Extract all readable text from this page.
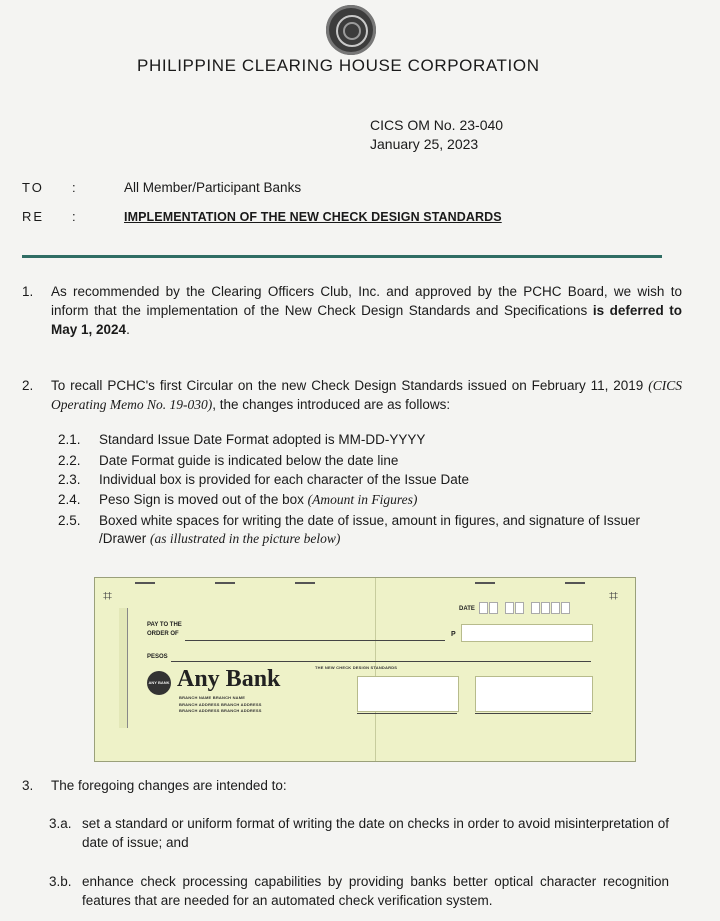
PHILIPPINE CLEARING HOUSE CORPORATION
CICS OM No. 23-040
January 25, 2023
TO :	All Member/Participant Banks
RE :	IMPLEMENTATION OF THE NEW CHECK DESIGN STANDARDS
1. As recommended by the Clearing Officers Club, Inc. and approved by the PCHC Board, we wish to inform that the implementation of the New Check Design Standards and Specifications is deferred to May 1, 2024.
2. To recall PCHC's first Circular on the new Check Design Standards issued on February 11, 2019 (CICS Operating Memo No. 19-030), the changes introduced are as follows:
2.1. Standard Issue Date Format adopted is MM-DD-YYYY
2.2. Date Format guide is indicated below the date line
2.3. Individual box is provided for each character of the Issue Date
2.4. Peso Sign is moved out of the box (Amount in Figures)
2.5. Boxed white spaces for writing the date of issue, amount in figures, and signature of Issuer /Drawer (as illustrated in the picture below)
⌗	⌗
PAY TO THE
ORDER OF	P
DATE
PESOS
THE NEW CHECK DESIGN STANDARDS
ANY BANK Any Bank
BRANCH NAME BRANCH NAME
BRANCH ADDRESS BRANCH ADDRESS
BRANCH ADDRESS BRANCH ADDRESS
3. The foregoing changes are intended to:
3.a. set a standard or uniform format of writing the date on checks in order to avoid misinterpretation of date of issue; and
3.b. enhance check processing capabilities by providing banks better optical character recognition features that are needed for an automated check verification system.
